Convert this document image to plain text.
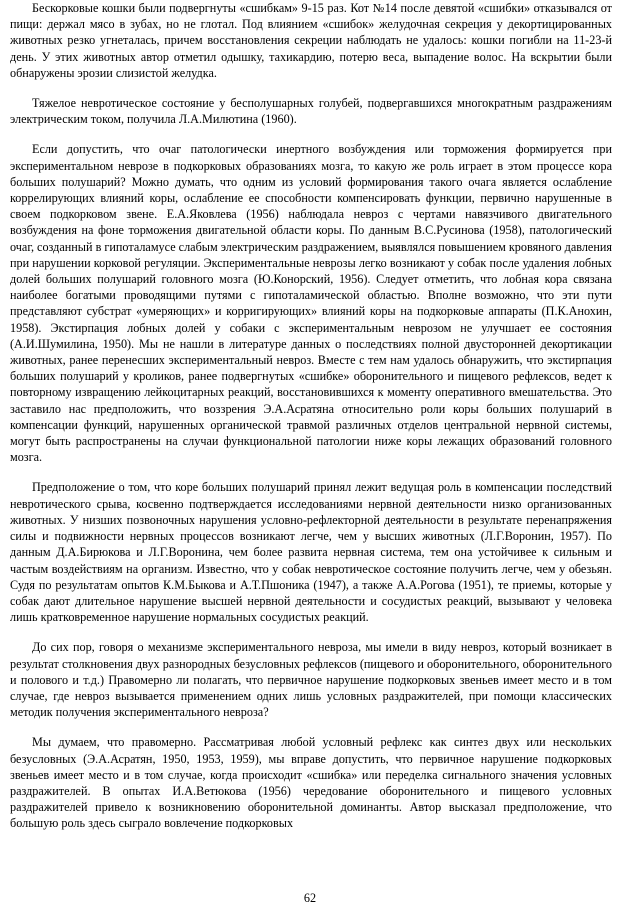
Бескорковые кошки были подвергнуты «сшибкам» 9-15 раз. Кот №14 после девятой «сшибки» отказывался от пищи: держал мясо в зубах, но не глотал. Под влиянием «сшибок» желудочная секреция у декортицированных животных резко угнеталась, причем восстановления секреции наблюдать не удалось: кошки погибли на 11-23-й день. У этих животных автор отметил одышку, тахикардию, потерю веса, выпадение волос. На вскрытии были обнаружены эрозии слизистой желудка.

Тяжелое невротическое состояние у бесполушарных голубей, подвергавшихся многократным раздражениям электрическим током, получила Л.А.Милютина (1960).

Если допустить, что очаг патологически инертного возбуждения или торможения формируется при экспериментальном неврозе в подкорковых образованиях мозга, то какую же роль играет в этом процессе кора больших полушарий? Можно думать, что одним из условий формирования такого очага является ослабление коррелирующих влияний коры, ослабление ее способности компенсировать функции, первично нарушенные в своем подкорковом звене. Е.А.Яковлева (1956) наблюдала невроз с чертами навязчивого двигательного возбуждения на фоне торможения двигательной области коры. По данным В.С.Русинова (1958), патологический очаг, созданный в гипоталамусе слабым электрическим раздражением, выявлялся повышением кровяного давления при нарушении корковой регуляции. Экспериментальные неврозы легко возникают у собак после удаления лобных долей больших полушарий головного мозга (Ю.Конорский, 1956). Следует отметить, что лобная кора связана наиболее богатыми проводящими путями с гипоталамической областью. Вполне возможно, что эти пути представляют субстрат «умеряющих» и корригирующих» влияний коры на подкорковые аппараты (П.К.Анохин, 1958). Экстирпация лобных долей у собаки с экспериментальным неврозом не улучшает ее состояния (А.И.Шумилина, 1950). Мы не нашли в литературе данных о последствиях полной двусторонней декортикации животных, ранее перенесших экспериментальный невроз. Вместе с тем нам удалось обнаружить, что экстирпация больших полушарий у кроликов, ранее подвергнутых «сшибке» оборонительного и пищевого рефлексов, ведет к повторному извращению лейкоцитарных реакций, восстановившихся к моменту оперативного вмешательства. Это заставило нас предположить, что воззрения Э.А.Асратяна относительно роли коры больших полушарий в компенсации функций, нарушенных органической травмой различных отделов центральной нервной системы, могут быть распространены на случаи функциональной патологии ниже коры лежащих образований головного мозга.

Предположение о том, что коре больших полушарий принял лежит ведущая роль в компенсации последствий невротического срыва, косвенно подтверждается исследованиями нервной деятельности низко организованных животных. У низших позвоночных нарушения условно-рефлекторной деятельности в результате перенапряжения силы и подвижности нервных процессов возникают легче, чем у высших животных (Л.Г.Воронин, 1957). По данным Д.А.Бирюкова и Л.Г.Воронина, чем более развита нервная система, тем она устойчивее к сильным и частым воздействиям на организм. Известно, что у собак невротическое состояние получить легче, чем у обезьян. Судя по результатам опытов К.М.Быкова и А.Т.Пшоника (1947), а также А.А.Рогова (1951), те приемы, которые у собак дают длительное нарушение высшей нервной деятельности и сосудистых реакций, вызывают у человека лишь кратковременное нарушение нормальных сосудистых реакций.

До сих пор, говоря о механизме экспериментального невроза, мы имели в виду невроз, который возникает в результат столкновения двух разнородных безусловных рефлексов (пищевого и оборонительного, оборонительного и полового и т.д.) Правомерно ли полагать, что первичное нарушение подкорковых звеньев имеет место и в том случае, где невроз вызывается применением одних лишь условных раздражителей, при помощи классических методик получения экспериментального невроза?

Мы думаем, что правомерно. Рассматривая любой условный рефлекс как синтез двух или нескольких безусловных (Э.А.Асратян, 1950, 1953, 1959), мы вправе допустить, что первичное нарушение подкорковых звеньев имеет место и в том случае, когда происходит «сшибка» или переделка сигнального значения условных раздражителей. В опытах И.А.Ветюкова (1956) чередование оборонительного и пищевого условных раздражителей привело к возникновению оборонительной доминанты. Автор высказал предположение, что большую роль здесь сыграло вовлечение подкорковых

62
